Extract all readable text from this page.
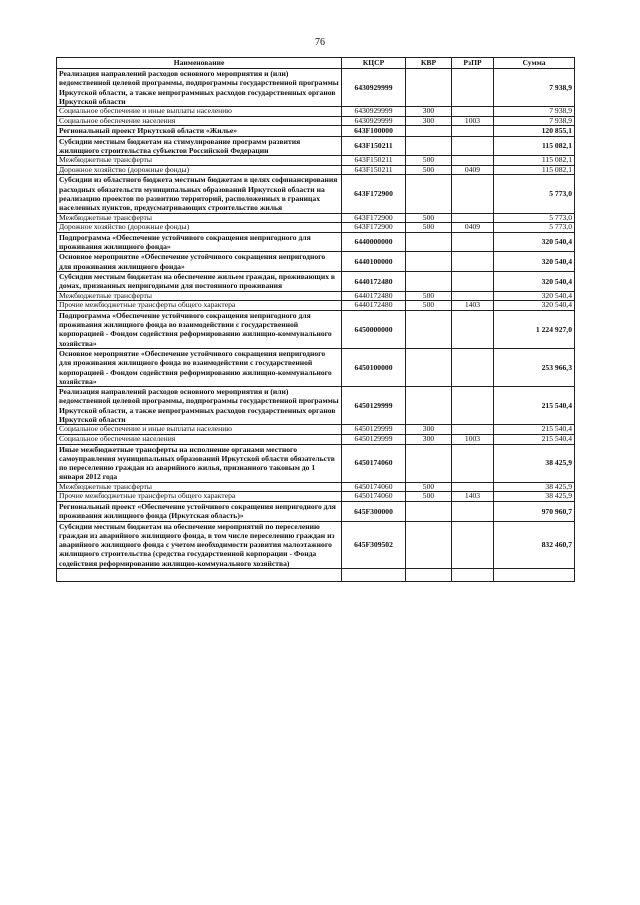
76
Наименование	КЦСР	КВР	РзПР	Сумма
Реализация направлений расходов основного мероприятия и (или) ведомственной целевой программы, подпрограммы государственной программы Иркутской области, а также непрограммных расходов государственных органов Иркутской области	6430929999			7 938,9
Социальное обеспечение и иные выплаты населению	6430929999	300		7 938,9
Социальное обеспечение населения	6430929999	300	1003	7 938,9
Региональный проект Иркутской области «Жилье»	643F100000			120 855,1
Субсидии местным бюджетам на стимулирование программ развития жилищного строительства субъектов Российской Федерации	643F150211			115 082,1
Межбюджетные трансферты	643F150211	500		115 082,1
Дорожное хозяйство (дорожные фонды)	643F150211	500	0409	115 082,1
Субсидии из областного бюджета местным бюджетам в целях софинансирования расходных обязательств муниципальных образований Иркутской области на реализацию проектов по развитию территорий, расположенных в границах населенных пунктов, предусматривающих строительство жилья	643F172900			5 773,0
Межбюджетные трансферты	643F172900	500		5 773,0
Дорожное хозяйство (дорожные фонды)	643F172900	500	0409	5 773,0
Подпрограмма «Обеспечение устойчивого сокращения непригодного для проживания жилищного фонда»	6440000000			320 540,4
Основное мероприятие «Обеспечение устойчивого сокращения непригодного для проживания жилищного фонда»	6440100000			320 540,4
Субсидии местным бюджетам на обеспечение жильем граждан, проживающих в домах, признанных непригодными для постоянного проживания	6440172480			320 540,4
Межбюджетные трансферты	6440172480	500		320 540,4
Прочие межбюджетные трансферты общего характера	6440172480	500	1403	320 540,4
Подпрограмма «Обеспечение устойчивого сокращения непригодного для проживания жилищного фонда во взаимодействии с государственной корпорацией - Фондом содействия реформированию жилищно-коммунального хозяйства»	6450000000			1 224 927,0
Основное мероприятие «Обеспечение устойчивого сокращения непригодного для проживания жилищного фонда во взаимодействии с государственной корпорацией - Фондом содействия реформированию жилищно-коммунального хозяйства»	6450100000			253 966,3
Реализация направлений расходов основного мероприятия и (или) ведомственной целевой программы, подпрограммы государственной программы Иркутской области, а также непрограммных расходов государственных органов Иркутской области	6450129999			215 540,4
Социальное обеспечение и иные выплаты населению	6450129999	300		215 540,4
Социальное обеспечение населения	6450129999	300	1003	215 540,4
Иные межбюджетные трансферты на исполнение органами местного самоуправления муниципальных образований Иркутской области обязательств по переселению граждан из аварийного жилья, признанного таковым до 1 января 2012 года	6450174060			38 425,9
Межбюджетные трансферты	6450174060	500		38 425,9
Прочие межбюджетные трансферты общего характера	6450174060	500	1403	38 425,9
Региональный проект «Обеспечение устойчивого сокращения непригодного для проживания жилищного фонда (Иркутская область)»	645F300000			970 960,7
Субсидии местным бюджетам на обеспечение мероприятий по переселению граждан из аварийного жилищного фонда, в том числе переселению граждан из аварийного жилищного фонда с учетом необходимости развития малоэтажного жилищного строительства (средства государственной корпорации - Фонда содействия реформированию жилищно-коммунального хозяйства)	645F309502			832 460,7
